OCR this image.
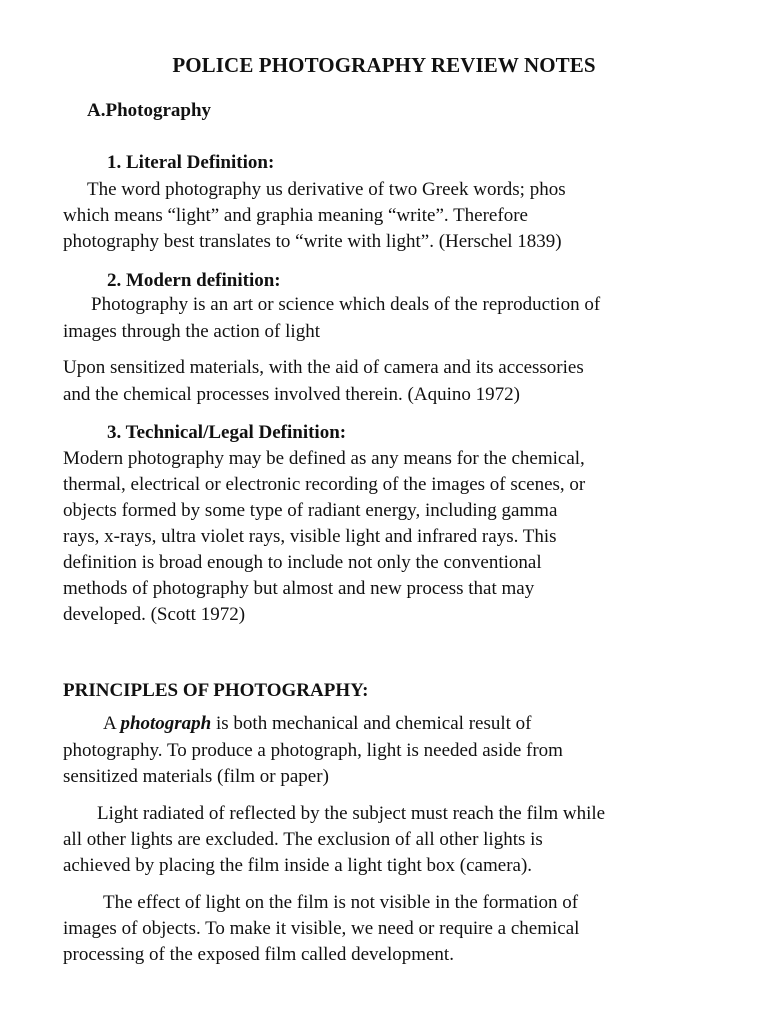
POLICE PHOTOGRAPHY REVIEW NOTES
A.Photography
1. Literal Definition:
The word photography us derivative of two Greek words; phos
which means “light” and graphia meaning “write”. Therefore
photography best translates to “write with light”. (Herschel 1839)
2. Modern definition:
Photography is an art or science which deals of the reproduction of
images through the action of light
Upon sensitized materials, with the aid of camera and its accessories
and the chemical processes involved therein. (Aquino 1972)
3. Technical/Legal Definition:
Modern photography may be defined as any means for the chemical,
thermal, electrical or electronic recording of the images of scenes, or
objects formed by some type of radiant energy, including gamma
rays, x-rays, ultra violet rays, visible light and infrared rays. This
definition is broad enough to include not only the conventional
methods of photography but almost and new process that may
developed. (Scott 1972)
PRINCIPLES OF PHOTOGRAPHY:
A photograph is both mechanical and chemical result of
photography. To produce a photograph, light is needed aside from
sensitized materials (film or paper)
Light radiated of reflected by the subject must reach the film while
all other lights are excluded. The exclusion of all other lights is
achieved by placing the film inside a light tight box (camera).
The effect of light on the film is not visible in the formation of
images of objects. To make it visible, we need or require a chemical
processing of the exposed film called development.
